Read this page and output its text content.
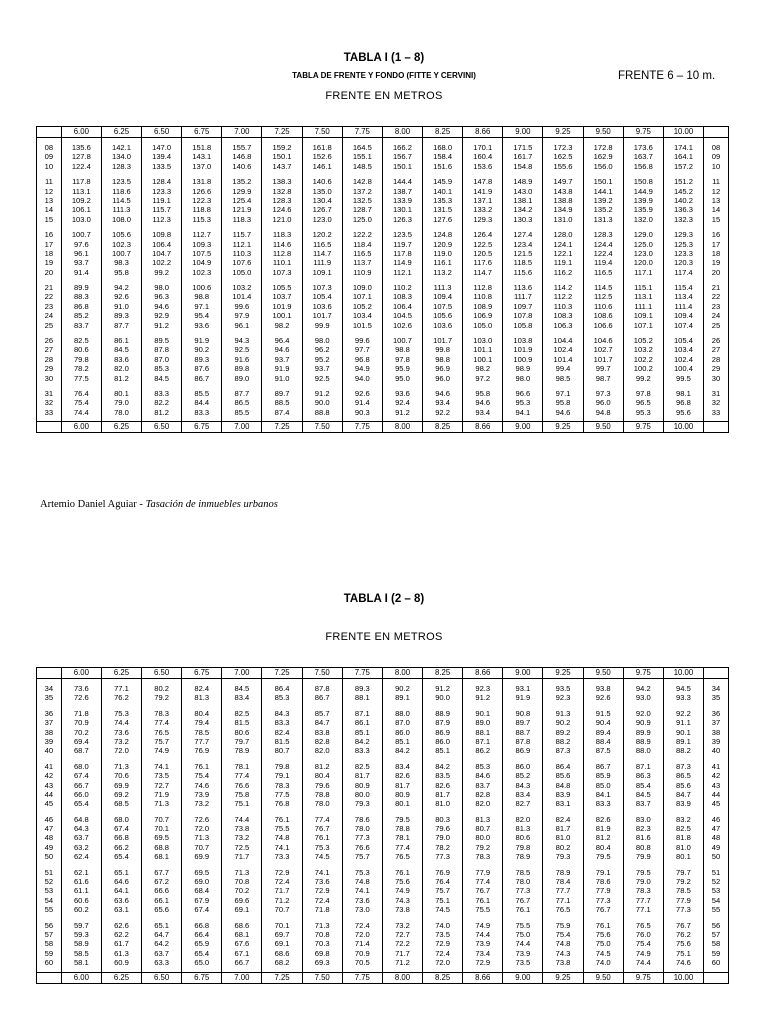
TABLA I (1 – 8)
TABLA DE FRENTE Y FONDO (FITTE Y CERVINI)	FRENTE 6 – 10 m.
FRENTE EN METROS
	6.00	6.25	6.50	6.75	7.00	7.25	7.50	7.75	8.00	8.25	8.66	9.00	9.25	9.50	9.75	10.00	

08	135.6	142.1	147.0	151.8	155.7	159.2	161.8	164.5	166.2	168.0	170.1	171.5	172.3	172.8	173.6	174.1	08
09	127.8	134.0	139.4	143.1	146.8	150.1	152.6	155.1	156.7	158.4	160.4	161.7	162.5	162.9	163.7	164.1	09
10	122.4	128.3	133.5	137.0	140.6	143.7	146.1	148.5	150.1	151.6	153.6	154.8	155.6	156.0	156.8	157.2	10

11	117.8	123.5	128.4	131.8	135.2	138.3	140.6	142.8	144.4	145.9	147.8	148.9	149.7	150.1	150.8	151.2	11
12	113.1	118.6	123.3	126.6	129.9	132.8	135.0	137.2	138.7	140.1	141.9	143.0	143.8	144.1	144.9	145.2	12
13	109.2	114.5	119.1	122.3	125.4	128.3	130.4	132.5	133.9	135.3	137.1	138.1	138.8	139.2	139.9	140.2	13
14	106.1	111.3	115.7	118.8	121.9	124.6	126.7	128.7	130.1	131.5	133.2	134.2	134.9	135.2	135.9	136.3	14
15	103.0	108.0	112.3	115.3	118.3	121.0	123.0	125.0	126.3	127.6	129.3	130.3	131.0	131.3	132.0	132.3	15

16	100.7	105.6	109.8	112.7	115.7	118.3	120.2	122.2	123.5	124.8	126.4	127.4	128.0	128.3	129.0	129.3	16
17	97.6	102.3	106.4	109.3	112.1	114.6	116.5	118.4	119.7	120.9	122.5	123.4	124.1	124.4	125.0	125.3	17
18	96.1	100.7	104.7	107.5	110.3	112.8	114.7	116.5	117.8	119.0	120.5	121.5	122.1	122.4	123.0	123.3	18
19	93.7	98.3	102.2	104.9	107.6	110.1	111.9	113.7	114.9	116.1	117.6	118.5	119.1	119.4	120.0	120.3	19
20	91.4	95.8	99.2	102.3	105.0	107.3	109.1	110.9	112.1	113.2	114.7	115.6	116.2	116.5	117.1	117.4	20

21	89.9	94.2	98.0	100.6	103.2	105.5	107.3	109.0	110.2	111.3	112.8	113.6	114.2	114.5	115.1	115.4	21
22	88.3	92.6	96.3	98.8	101.4	103.7	105.4	107.1	108.3	109.4	110.8	111.7	112.2	112.5	113.1	113.4	22
23	86.8	91.0	94.6	97.1	99.6	101.9	103.6	105.2	106.4	107.5	108.9	109.7	110.3	110.6	111.1	111.4	23
24	85.2	89.3	92.9	95.4	97.9	100.1	101.7	103.4	104.5	105.6	106.9	107.8	108.3	108.6	109.1	109.4	24
25	83.7	87.7	91.2	93.6	96.1	98.2	99.9	101.5	102.6	103.6	105.0	105.8	106.3	106.6	107.1	107.4	25

26	82.5	86.1	89.5	91.9	94.3	96.4	98.0	99.6	100.7	101.7	103.0	103.8	104.4	104.6	105.2	105.4	26
27	80.6	84.5	87.8	90.2	92.5	94.6	96.2	97.7	98.8	99.8	101.1	101.9	102.4	102.7	103.2	103.4	27
28	79.8	83.6	87.0	89.3	91.6	93.7	95.2	96.8	97.8	98.8	100.1	100.9	101.4	101.7	102.2	102.4	28
29	78.2	82.0	85.3	87.6	89.8	91.9	93.7	94.9	95.9	96.9	98.2	98.9	99.4	99.7	100.2	100.4	29
30	77.5	81.2	84.5	86.7	89.0	91.0	92.5	94.0	95.0	96.0	97.2	98.0	98.5	98.7	99.2	99.5	30

31	76.4	80.1	83.3	85.5	87.7	89.7	91.2	92.6	93.6	94.6	95.8	96.6	97.1	97.3	97.8	98.1	31
32	75.4	79.0	82.2	84.4	86.5	88.5	90.0	91.4	92.4	93.4	94.6	95.3	95.8	96.0	96.5	96.8	32
33	74.4	78.0	81.2	83.3	85.5	87.4	88.8	90.3	91.2	92.2	93.4	94.1	94.6	94.8	95.3	95.6	33

	6.00	6.25	6.50	6.75	7.00	7.25	7.50	7.75	8.00	8.25	8.66	9.00	9.25	9.50	9.75	10.00	
Artemio Daniel Aguiar - Tasación de inmuebles urbanos
TABLA I (2 – 8)
FRENTE EN METROS
	6.00	6.25	6.50	6.75	7.00	7.25	7.50	7.75	8.00	8.25	8.66	9.00	9.25	9.50	9.75	10.00	

34	73.6	77.1	80.2	82.4	84.5	86.4	87.8	89.3	90.2	91.2	92.3	93.1	93.5	93.8	94.2	94.5	34
35	72.6	76.2	79.2	81.3	83.4	85.3	86.7	88.1	89.1	90.0	91.2	91.9	92.3	92.6	93.0	93.3	35

36	71.8	75.3	78.3	80.4	82.5	84.3	85.7	87.1	88.0	88.9	90.1	90.8	91.3	91.5	92.0	92.2	36
37	70.9	74.4	77.4	79.4	81.5	83.3	84.7	86.1	87.0	87.9	89.0	89.7	90.2	90.4	90.9	91.1	37
38	70.2	73.6	76.5	78.5	80.6	82.4	83.8	85.1	86.0	86.9	88.1	88.7	89.2	89.4	89.9	90.1	38
39	69.4	73.2	75.7	77.7	79.7	81.5	82.8	84.2	85.1	86.0	87.1	87.8	88.2	88.4	88.9	89.1	39
40	68.7	72.0	74.9	76.9	78.9	80.7	82.0	83.3	84.2	85.1	86.2	86.9	87.3	87.5	88.0	88.2	40

41	68.0	71.3	74.1	76.1	78.1	79.8	81.2	82.5	83.4	84.2	85.3	86.0	86.4	86.7	87.1	87.3	41
42	67.4	70.6	73.5	75.4	77.4	79.1	80.4	81.7	82.6	83.5	84.6	85.2	85.6	85.9	86.3	86.5	42
43	66.7	69.9	72.7	74.6	76.6	78.3	79.6	80.9	81.7	82.6	83.7	84.3	84.8	85.0	85.4	85.6	43
44	66.0	69.2	71.9	73.9	75.8	77.5	78.8	80.0	80.9	81.7	82.8	83.4	83.9	84.1	84.5	84.7	44
45	65.4	68.5	71.3	73.2	75.1	76.8	78.0	79.3	80.1	81.0	82.0	82.7	83.1	83.3	83.7	83.9	45

46	64.8	68.0	70.7	72.6	74.4	76.1	77.4	78.6	79.5	80.3	81.3	82.0	82.4	82.6	83.0	83.2	46
47	64.3	67.4	70.1	72.0	73.8	75.5	76.7	78.0	78.8	79.6	80.7	81.3	81.7	81.9	82.3	82.5	47
48	63.7	66.8	69.5	71.3	73.2	74.8	76.1	77.3	78.1	79.0	80.0	80.6	81.0	81.2	81.6	81.8	48
49	63.2	66.2	68.8	70.7	72.5	74.1	75.3	76.6	77.4	78.2	79.2	79.8	80.2	80.4	80.8	81.0	49
50	62.4	65.4	68.1	69.9	71.7	73.3	74.5	75.7	76.5	77.3	78.3	78.9	79.3	79.5	79.9	80.1	50

51	62.1	65.1	67.7	69.5	71.3	72.9	74.1	75.3	76.1	76.9	77.9	78.5	78.9	79.1	79.5	79.7	51
52	61.6	64.6	67.2	69.0	70.8	72.4	73.6	74.8	75.6	76.4	77.4	78.0	78.4	78.6	79.0	79.2	52
53	61.1	64.1	66.6	68.4	70.2	71.7	72.9	74.1	74.9	75.7	76.7	77.3	77.7	77.9	78.3	78.5	53
54	60.6	63.6	66.1	67.9	69.6	71.2	72.4	73.6	74.3	75.1	76.1	76.7	77.1	77.3	77.7	77.9	54
55	60.2	63.1	65.6	67.4	69.1	70.7	71.8	73.0	73.8	74.5	75.5	76.1	76.5	76.7	77.1	77.3	55

56	59.7	62.6	65.1	66.8	68.6	70.1	71.3	72.4	73.2	74.0	74.9	75.5	75.9	76.1	76.5	76.7	56
57	59.3	62.2	64.7	66.4	68.1	69.7	70.8	72.0	72.7	73.5	74.4	75.0	75.4	75.6	76.0	76.2	57
58	58.9	61.7	64.2	65.9	67.6	69.1	70.3	71.4	72.2	72.9	73.9	74.4	74.8	75.0	75.4	75.6	58
59	58.5	61.3	63.7	65.4	67.1	68.6	69.8	70.9	71.7	72.4	73.4	73.9	74.3	74.5	74.9	75.1	59
60	58.1	60.9	63.3	65.0	66.7	68.2	69.3	70.5	71.2	72.0	72.9	73.5	73.8	74.0	74.4	74.6	60

	6.00	6.25	6.50	6.75	7.00	7.25	7.50	7.75	8.00	8.25	8.66	9.00	9.25	9.50	9.75	10.00	
